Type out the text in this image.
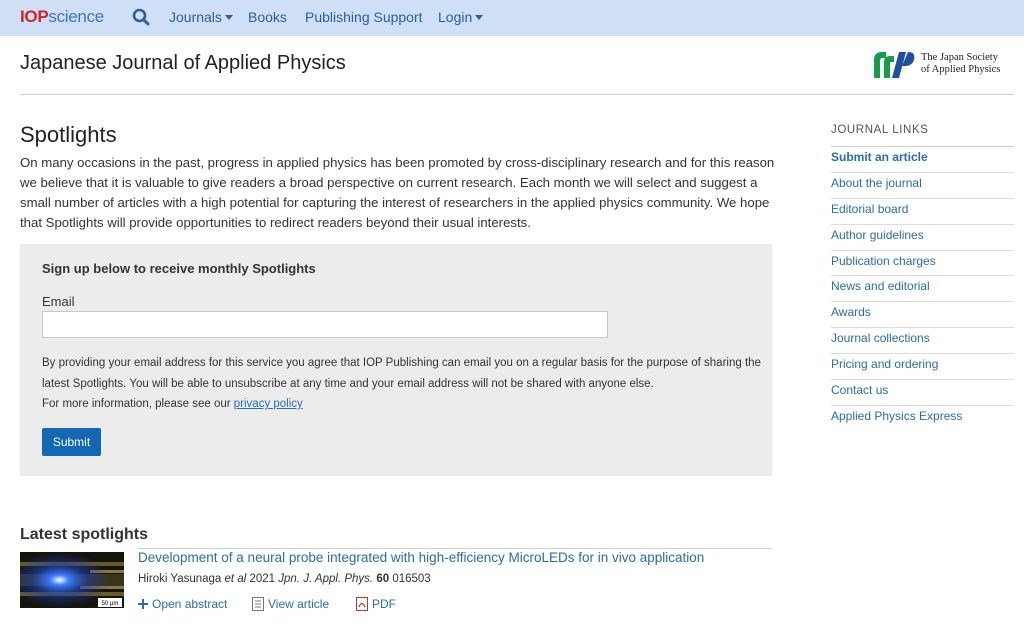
IOPscience	Journals	Books Publishing Support Login
Japanese Journal of Applied Physics	The Japan Society
of Applied Physics
Spotlights

On many occasions in the past, progress in applied physics has been promoted by cross-disciplinary research and for this reason we believe that it is valuable to give readers a broad perspective on current research. Each month we will select and suggest a small number of articles with a high potential for capturing the interest of researchers in the applied physics community. We hope that Spotlights will provide opportunities to redirect readers beyond their usual interests.

Sign up below to receive monthly Spotlights
Email
By providing your email address for this service you agree that IOP Publishing can email you on a regular basis for the purpose of sharing the latest Spotlights. You will be able to unsubscribe at any time and your email address will not be shared with anyone else.
For more information, please see our privacy policy
Submit
Latest spotlights
50 μm
Development of a neural probe integrated with high-efficiency MicroLEDs for in vivo application
Hiroki Yasunaga et al 2021 Jpn. J. Appl. Phys. 60 016503
Open abstract	View article	PDF
JOURNAL LINKS
Submit an article
About the journal
Editorial board
Author guidelines
Publication charges
News and editorial
Awards
Journal collections
Pricing and ordering
Contact us
Applied Physics Express
